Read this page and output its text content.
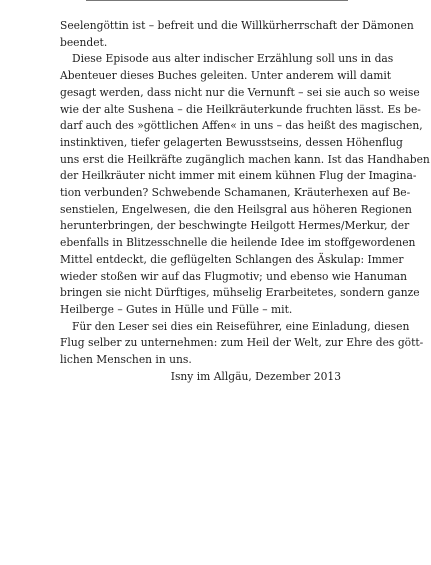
Seelengöttin ist – befreit und die Willkürherrschaft der Dämonen
beendet.

Diese Episode aus alter indischer Erzählung soll uns in das
Abenteuer dieses Buches geleiten. Unter anderem will damit
gesagt werden, dass nicht nur die Vernunft – sei sie auch so weise
wie der alte Sushena – die Heilkräuterkunde fruchten lässt. Es be-
darf auch des »göttlichen Affen« in uns – das heißt des magischen,
instinktiven, tiefer gelagerten Bewusstseins, dessen Höhenflug
uns erst die Heilkräfte zugänglich machen kann. Ist das Handhaben
der Heilkräuter nicht immer mit einem kühnen Flug der Imagina-
tion verbunden? Schwebende Schamanen, Kräuterhexen auf Be-
senstielen, Engelwesen, die den Heilsgral aus höheren Regionen
herunterbringen, der beschwingte Heilgott Hermes/Merkur, der
ebenfalls in Blitzesschnelle die heilende Idee im stoffgewordenen
Mittel entdeckt, die geflügelten Schlangen des Äskulap: Immer
wieder stoßen wir auf das Flugmotiv; und ebenso wie Hanuman
bringen sie nicht Dürftiges, mühselig Erarbeitetes, sondern ganze
Heilberge – Gutes in Hülle und Fülle – mit.

Für den Leser sei dies ein Reiseführer, eine Einladung, diesen
Flug selber zu unternehmen: zum Heil der Welt, zur Ehre des gött-
lichen Menschen in uns.

Isny im Allgäu, Dezember 2013
